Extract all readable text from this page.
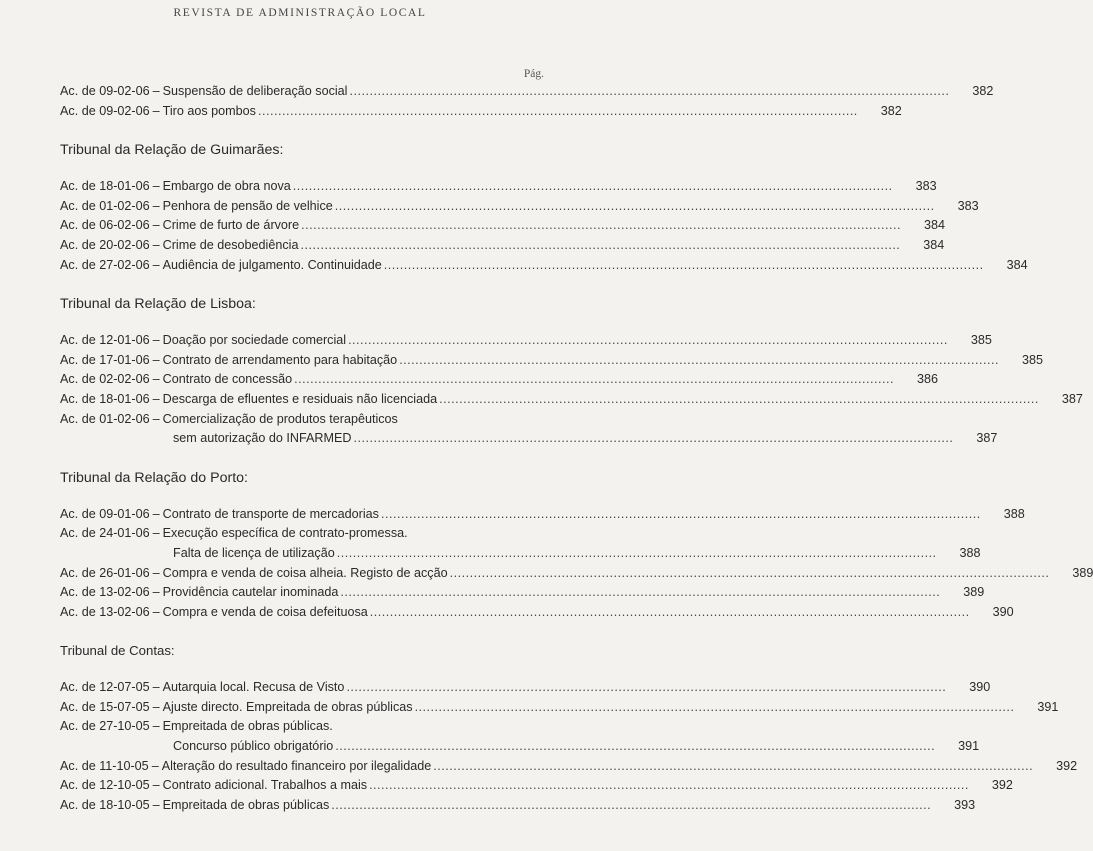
REVISTA DE ADMINISTRAÇÃO LOCAL
Pág.
Ac. de 09-02-06 – Suspensão de deliberação social .....	382
Ac. de 09-02-06 – Tiro aos pombos .....	382
Tribunal da Relação de Guimarães:
Ac. de 18-01-06 – Embargo de obra nova .....	383
Ac. de 01-02-06 – Penhora de pensão de velhice .....	383
Ac. de 06-02-06 – Crime de furto de árvore .....	384
Ac. de 20-02-06 – Crime de desobediência .....	384
Ac. de 27-02-06 – Audiência de julgamento. Continuidade .....	384
Tribunal da Relação de Lisboa:
Ac. de 12-01-06 – Doação por sociedade comercial .....	385
Ac. de 17-01-06 – Contrato de arrendamento para habitação .....	385
Ac. de 02-02-06 – Contrato de concessão .....	386
Ac. de 18-01-06 – Descarga de efluentes e residuais não licenciada .....	387
Ac. de 01-02-06 – Comercialização de produtos terapêuticos
sem autorização do INFARMED .....	387
Tribunal da Relação do Porto:
Ac. de 09-01-06 – Contrato de transporte de mercadorias .....	388
Ac. de 24-01-06 – Execução específica de contrato-promessa.
Falta de licença de utilização .....	388
Ac. de 26-01-06 – Compra e venda de coisa alheia. Registo de acção .....	389
Ac. de 13-02-06 – Providência cautelar inominada .....	389
Ac. de 13-02-06 – Compra e venda de coisa defeituosa .....	390
Tribunal de Contas:
Ac. de 12-07-05 – Autarquia local. Recusa de Visto .....	390
Ac. de 15-07-05 – Ajuste directo. Empreitada de obras públicas .....	391
Ac. de 27-10-05 – Empreitada de obras públicas.
Concurso público obrigatório .....	391
Ac. de 11-10-05 – Alteração do resultado financeiro por ilegalidade .....	392
Ac. de 12-10-05 – Contrato adicional. Trabalhos a mais .....	392
Ac. de 18-10-05 – Empreitada de obras públicas .....	393
